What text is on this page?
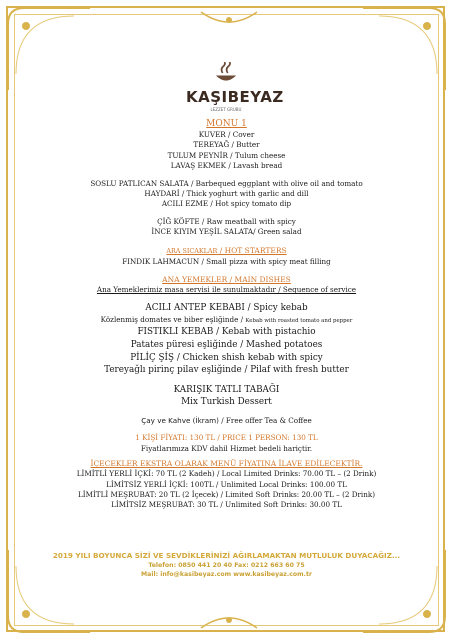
KAŞIBEYAZ
LEZZET GRUBU
MONU 1
KUVER / Cover
TEREYAĞ / Butter
TULUM PEYNİR / Tulum cheese
LAVAŞ EKMEK / Lavash bread
SOSLU PATLICAN SALATA / Barbequed eggplant with olive oil and tomato
HAYDARİ / Thick yoghurt with garlic and dill
ACILI EZME / Hot spicy tomato dip
ÇİĞ KÖFTE / Raw meatball with spicy
İNCE KIYIM YEŞİL SALATA/ Green salad
ARA SICAKLAR / HOT STARTERS
FINDIK LAHMACUN / Small pizza with spicy meat filling
ANA YEMEKLER / MAIN DISHES
Ana Yemeklerimiz masa servisi ile sunulmaktadır / Sequence of service
ACILI ANTEP KEBABI / Spicy kebab
Közlenmiş domates ve biber eşliğinde / Kebab with roasted tomato and pepper
FISTIKLI KEBAB / Kebab with pistachio
Patates püresi eşliğinde / Mashed potatoes
PİLİÇ ŞİŞ / Chicken shish kebab with spicy
Tereyağlı pirinç pilav eşliğinde / Pilaf with fresh butter
KARIŞIK TATLI TABAĞI
Mix Turkish Dessert
Çay ve Kahve (İkram) / Free offer Tea & Coffee
1 KİŞİ FİYATI: 130 TL / PRICE 1 PERSON: 130 TL
Fiyatlarımıza KDV dahil Hizmet bedeli hariçtir.
İÇECEKLER EKSTRA OLARAK MENÜ FİYATINA İLAVE EDİLECEKTİR.
LİMİTLİ YERLİ İÇKİ: 70 TL (2 Kadeh) / Local Limited Drinks: 70.00 TL – (2 Drink)
LİMİTSİZ YERLİ İÇKİ: 100TL / Unlimited Local Drinks: 100.00 TL
LİMİTLİ MEŞRUBAT: 20 TL (2 İçecek) / Limited Soft Drinks: 20.00 TL – (2 Drink)
LİMİTSİZ MEŞRUBAT: 30 TL / Unlimited Soft Drinks: 30.00 TL
2019 YILI BOYUNCA SİZİ VE SEVDİKLERİNİZİ AĞIRLAMAKTAN MUTLULUK DUYACAĞIZ...
Telefon: 0850 441 20 40 Fax: 0212 663 60 75
Mail: info@kasibeyaz.com www.kasibeyaz.com.tr
